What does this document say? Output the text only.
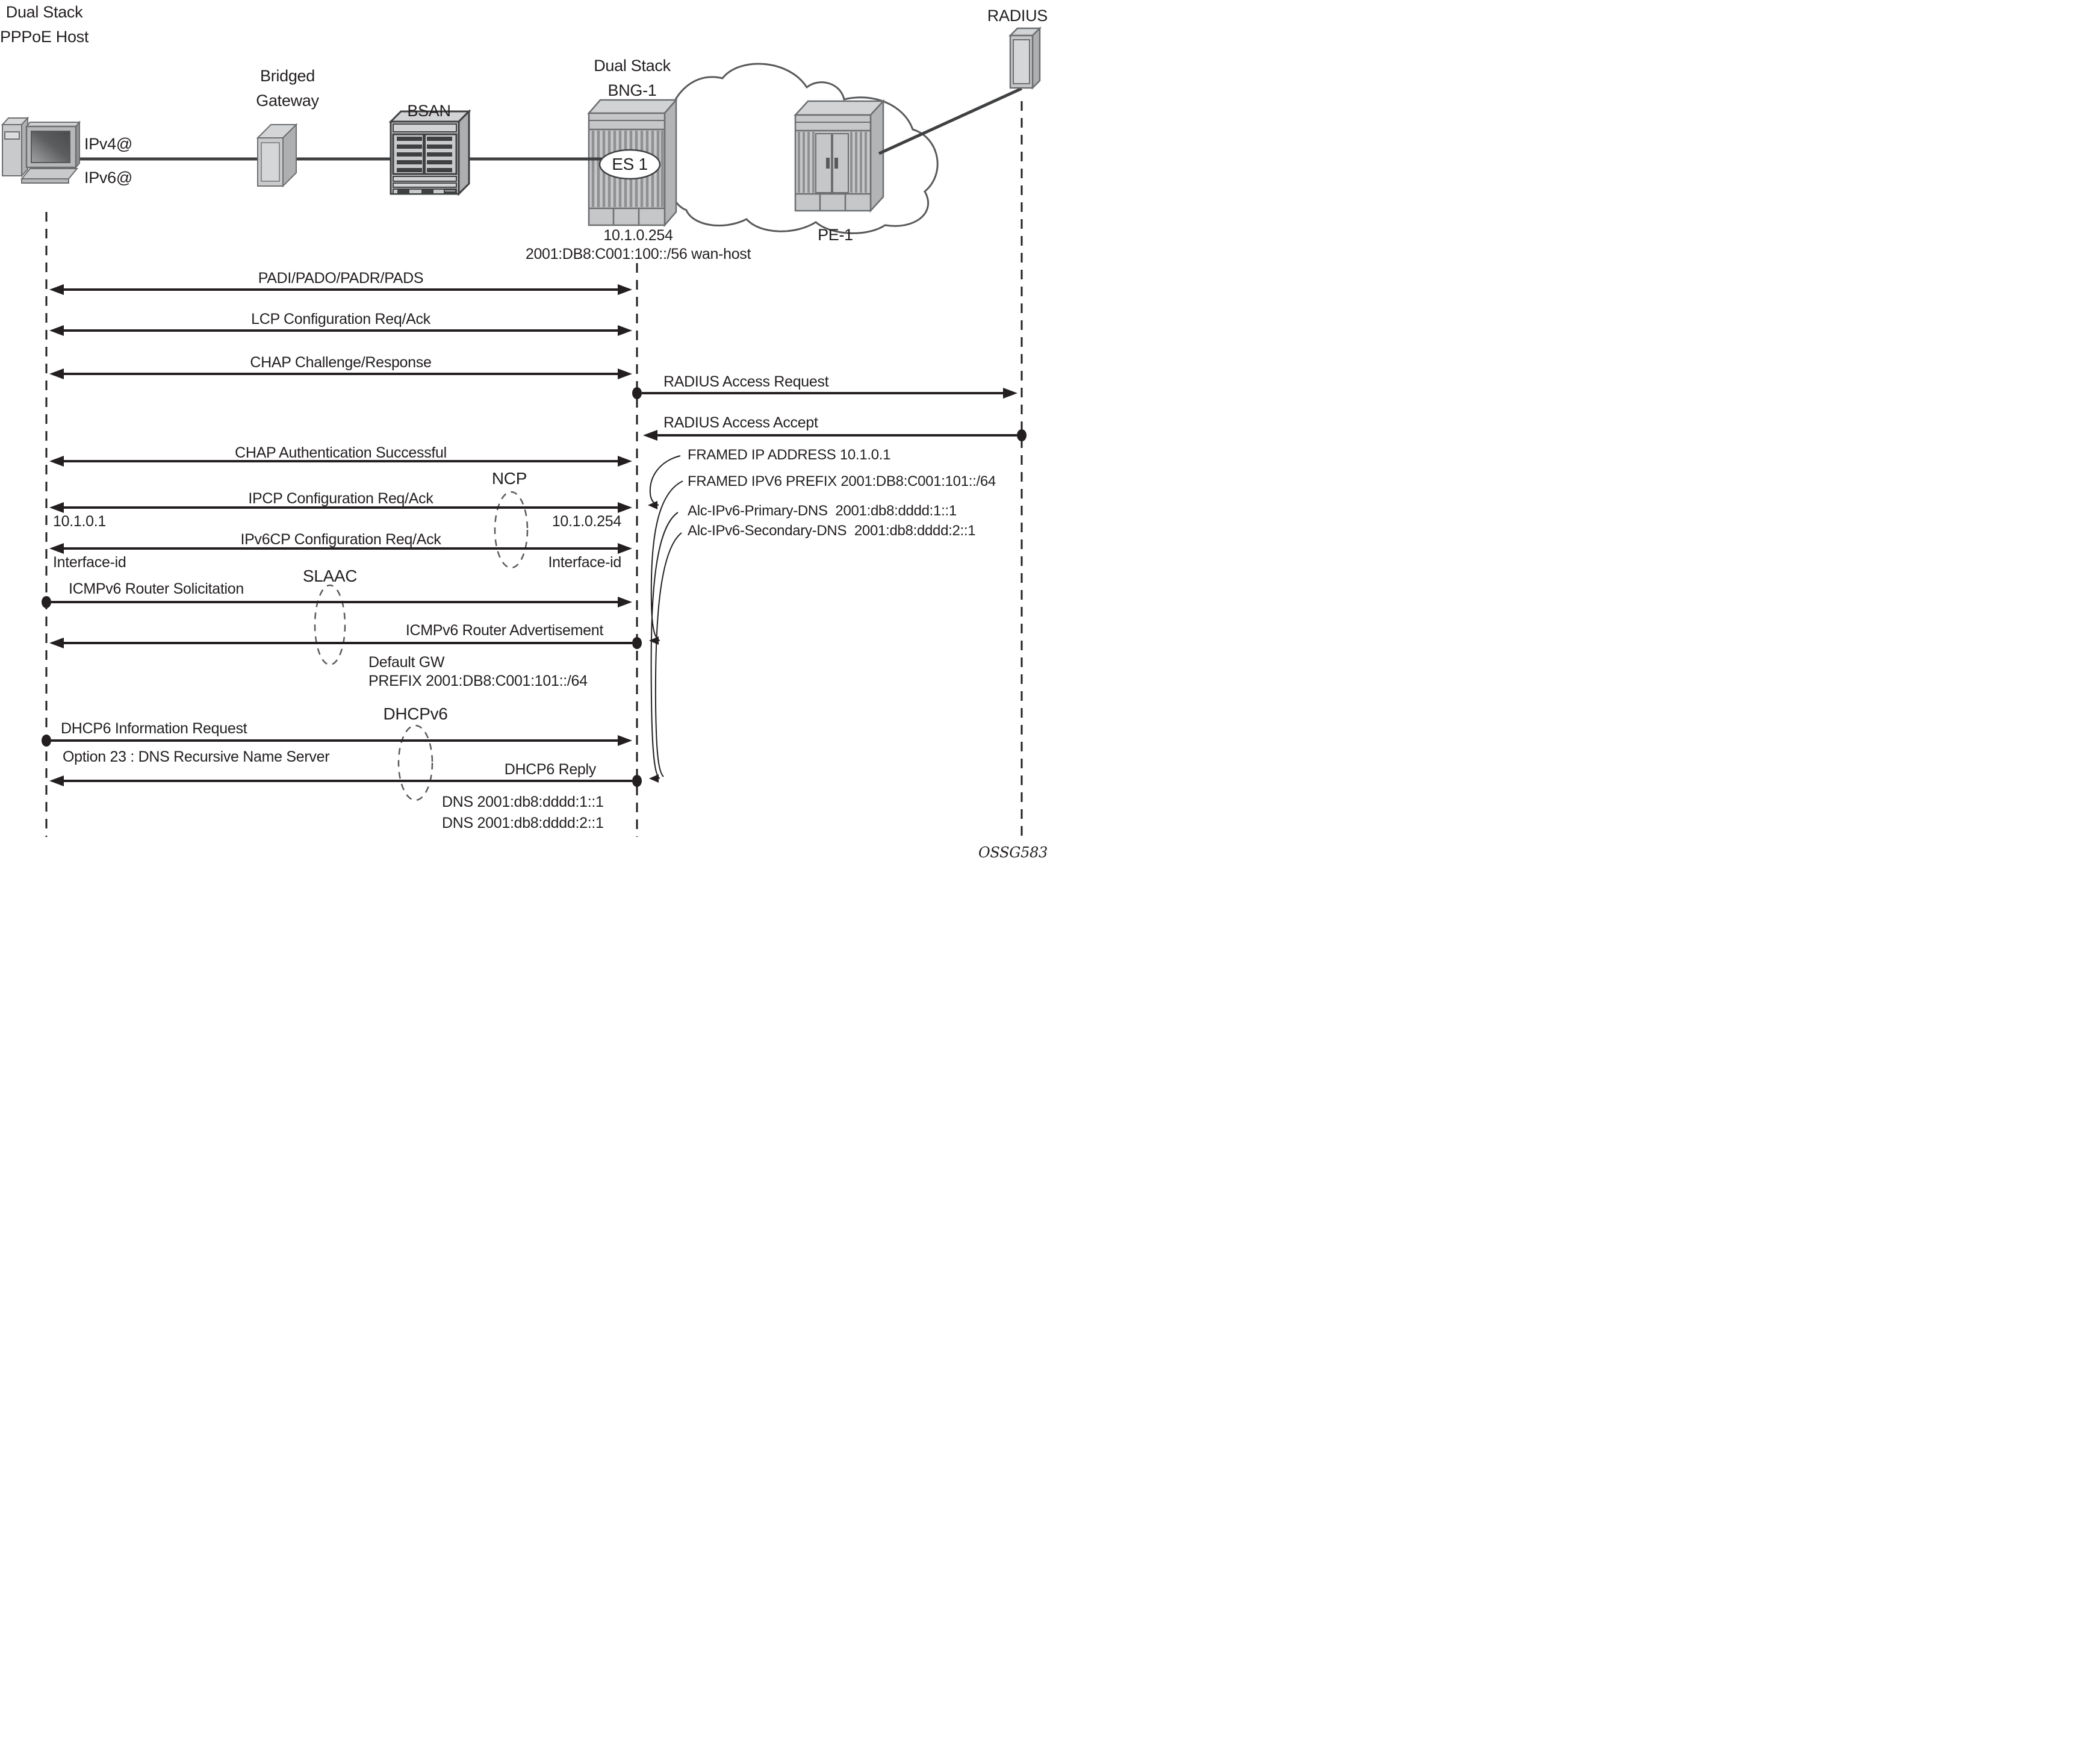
Dual Stack
PPPoE Host
Bridged
Gateway
BSAN
Dual Stack
BNG-1
PE-1
RADIUS
IPv4@
IPv6@
ES 1
10.1.0.254
2001:DB8:C001:100::/56 wan-host
PADI/PADO/PADR/PADS
LCP Configuration Req/Ack
CHAP Challenge/Response
RADIUS Access Request
RADIUS Access Accept
CHAP Authentication Successful
IPCP Configuration Req/Ack
10.1.0.1	10.1.0.254
IPv6CP Configuration Req/Ack
Interface-id	Interface-id
ICMPv6 Router Solicitation
ICMPv6 Router Advertisement
Default GW
PREFIX 2001:DB8:C001:101::/64
DHCP6 Information Request
Option 23 : DNS Recursive Name Server
DHCP6 Reply
DNS 2001:db8:dddd:1::1
DNS 2001:db8:dddd:2::1
NCP
SLAAC
DHCPv6
FRAMED IP ADDRESS 10.1.0.1
FRAMED IPV6 PREFIX 2001:DB8:C001:101::/64
Alc-IPv6-Primary-DNS  2001:db8:dddd:1::1
Alc-IPv6-Secondary-DNS  2001:db8:dddd:2::1
OSSG583
